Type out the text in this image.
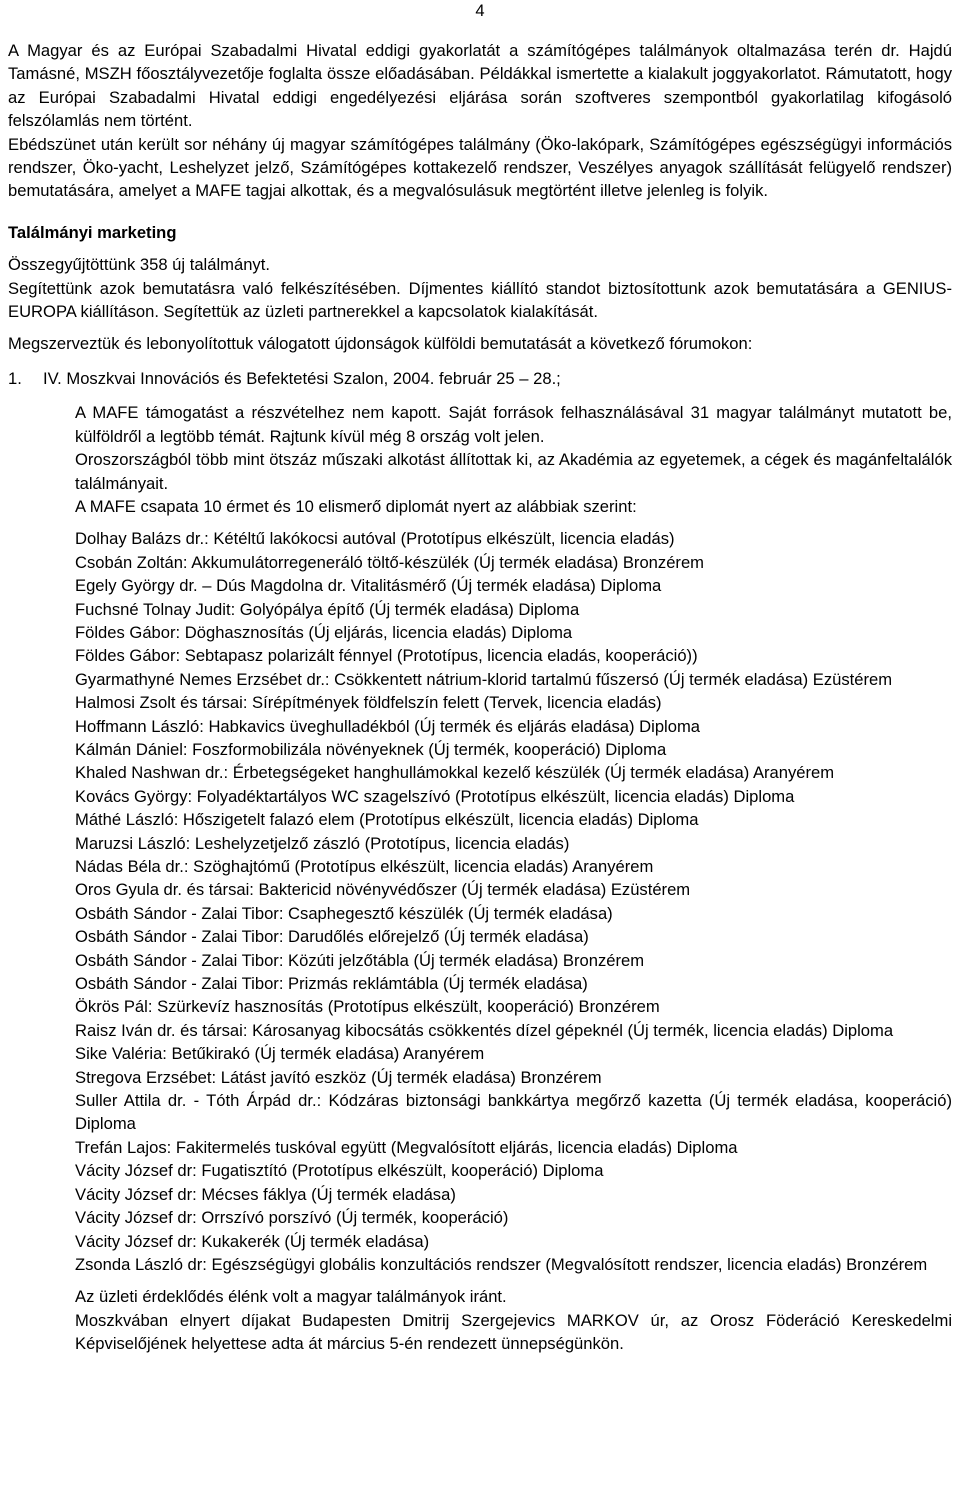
4

A Magyar és az Európai Szabadalmi Hivatal eddigi gyakorlatát a számítógépes találmányok oltalmazása terén dr. Hajdú Tamásné, MSZH főosztályvezetője foglalta össze előadásában. Példákkal ismertette a kialakult joggyakorlatot. Rámutatott, hogy az Európai Szabadalmi Hivatal eddigi engedélyezési eljárása során szoftveres szempontból gyakorlatilag kifogásoló felszólamlás nem történt.

Ebédszünet után került sor néhány új magyar számítógépes találmány (Öko-lakópark, Számítógépes egészségügyi információs rendszer, Öko-yacht, Leshelyzet jelző, Számítógépes kottakezelő rendszer, Veszélyes anyagok szállítását felügyelő rendszer) bemutatására, amelyet a MAFE tagjai alkottak, és a megvalósulásuk megtörtént illetve jelenleg is folyik.

Találmányi marketing

Összegyűjtöttünk 358 új találmányt.

Segítettünk azok bemutatásra való felkészítésében. Díjmentes kiállító standot biztosítottunk azok bemutatására a GENIUS-EUROPA kiállításon. Segítettük az üzleti partnerekkel a kapcsolatok kialakítását.

Megszerveztük és lebonyolítottuk válogatott újdonságok külföldi bemutatását a következő fórumokon:

1.	IV. Moszkvai Innovációs és Befektetési Szalon, 2004. február 25 – 28.;

A MAFE támogatást a részvételhez nem kapott. Saját források felhasználásával 31 magyar találmányt mutatott be, külföldről a legtöbb témát. Rajtunk kívül még 8 ország volt jelen.

Oroszországból több mint ötszáz műszaki alkotást állítottak ki, az Akadémia az egyetemek, a cégek és magánfeltalálók találmányait.

A MAFE csapata 10 érmet és 10 elismerő diplomát nyert az alábbiak szerint:

Dolhay Balázs dr.: Kétéltű lakókocsi autóval (Prototípus elkészült, licencia eladás)

Csobán Zoltán: Akkumulátorregeneráló töltő-készülék (Új termék eladása) Bronzérem

Egely György dr. – Dús Magdolna dr. Vitalitásmérő (Új termék eladása) Diploma

Fuchsné Tolnay Judit: Golyópálya építő (Új termék eladása) Diploma

Földes Gábor: Döghasznosítás (Új eljárás, licencia eladás) Diploma

Földes Gábor: Sebtapasz polarizált fénnyel (Prototípus, licencia eladás, kooperáció))

Gyarmathyné Nemes Erzsébet dr.: Csökkentett nátrium-klorid tartalmú fűszersó (Új termék eladása) Ezüstérem

Halmosi Zsolt és társai: Sírépítmények földfelszín felett (Tervek, licencia eladás)

Hoffmann László: Habkavics üveghulladékból (Új termék és eljárás eladása) Diploma

Kálmán Dániel: Foszformobilizála növényeknek (Új termék, kooperáció) Diploma

Khaled Nashwan dr.: Érbetegségeket hanghullámokkal kezelő készülék (Új termék eladása) Aranyérem

Kovács György: Folyadéktartályos WC szagelszívó (Prototípus elkészült, licencia eladás) Diploma

Máthé László: Hőszigetelt falazó elem (Prototípus elkészült, licencia eladás) Diploma

Maruzsi László: Leshelyzetjelző zászló (Prototípus, licencia eladás)

Nádas Béla dr.: Szöghajtómű (Prototípus elkészült, licencia eladás) Aranyérem

Oros Gyula dr. és társai: Baktericid növényvédőszer (Új termék eladása) Ezüstérem

Osbáth Sándor - Zalai Tibor: Csaphegesztő készülék (Új termék eladása)

Osbáth Sándor - Zalai Tibor: Darudőlés előrejelző (Új termék eladása)

Osbáth Sándor - Zalai Tibor: Közúti jelzőtábla (Új termék eladása) Bronzérem

Osbáth Sándor - Zalai Tibor: Prizmás reklámtábla (Új termék eladása)

Ökrös Pál: Szürkevíz hasznosítás (Prototípus elkészült, kooperáció) Bronzérem

Raisz Iván dr. és társai: Károsanyag kibocsátás csökkentés dízel gépeknél (Új termék, licencia eladás) Diploma

Sike Valéria: Betűkirakó (Új termék eladása) Aranyérem

Stregova Erzsébet: Látást javító eszköz (Új termék eladása) Bronzérem

Suller Attila dr. - Tóth Árpád dr.: Kódzáras biztonsági bankkártya megőrző kazetta (Új termék eladása, kooperáció) Diploma

Trefán Lajos: Fakitermelés tuskóval együtt (Megvalósított eljárás, licencia eladás) Diploma

Vácity József dr: Fugatisztító (Prototípus elkészült, kooperáció) Diploma

Vácity József dr: Mécses fáklya (Új termék eladása)

Vácity József dr: Orrszívó porszívó (Új termék, kooperáció)

Vácity József dr: Kukakerék (Új termék eladása)

Zsonda László dr: Egészségügyi globális konzultációs rendszer (Megvalósított rendszer, licencia eladás) Bronzérem

Az üzleti érdeklődés élénk volt a magyar találmányok iránt.

Moszkvában elnyert díjakat Budapesten Dmitrij Szergejevics MARKOV úr, az Orosz Föderáció Kereskedelmi Képviselőjének helyettese adta át március 5-én rendezett ünnepségünkön.
